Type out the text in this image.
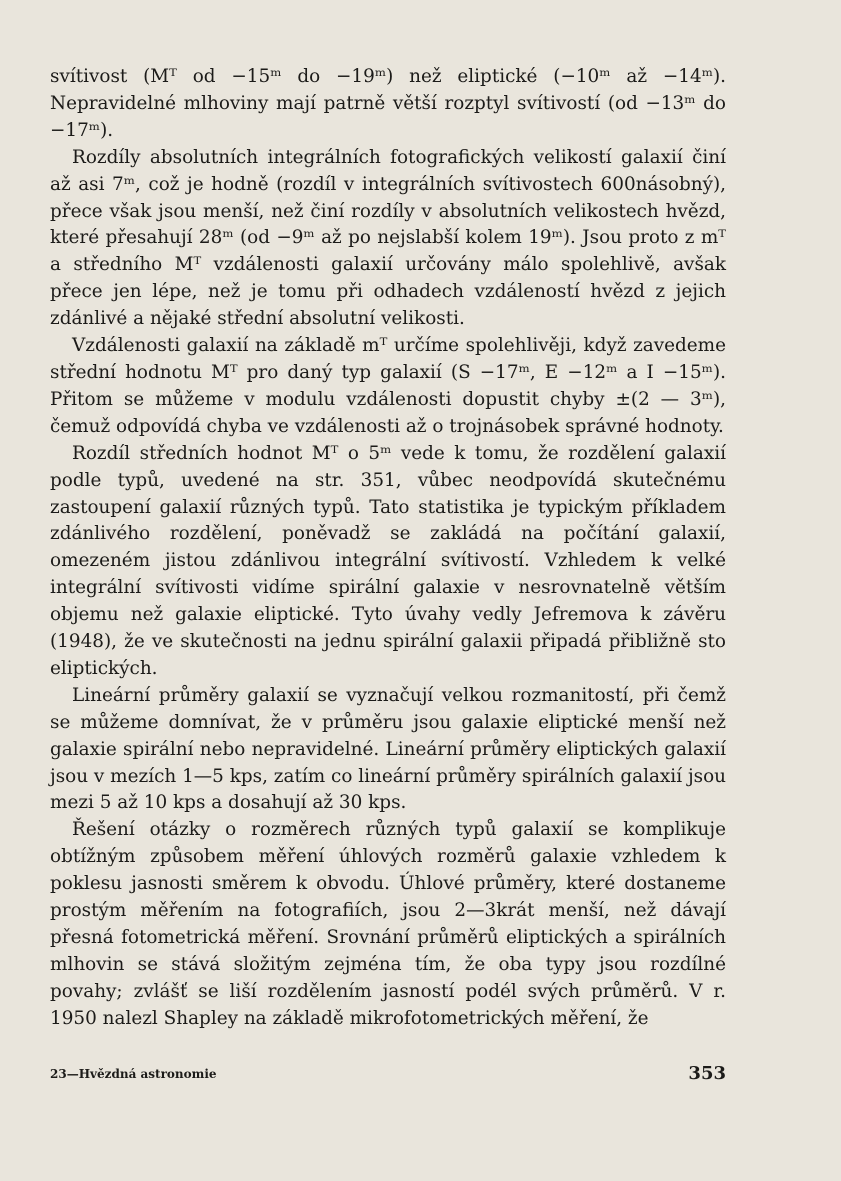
svítivost (Mᵀ od −15ᵐ do −19ᵐ) než eliptické (−10ᵐ až −14ᵐ). Nepravidelné mlhoviny mají patrně větší rozptyl svítivostí (od −13ᵐ do −17ᵐ).

Rozdíly absolutních integrálních fotografických velikostí galaxií činí až asi 7ᵐ, což je hodně (rozdíl v integrálních svítivostech 600násobný), přece však jsou menší, než činí rozdíly v absolutních velikostech hvězd, které přesahují 28ᵐ (od −9ᵐ až po nejslabší kolem 19ᵐ). Jsou proto z mᵀ a středního Mᵀ vzdálenosti galaxií určovány málo spolehlivě, avšak přece jen lépe, než je tomu při odhadech vzdáleností hvězd z jejich zdánlivé a nějaké střední absolutní velikosti.

Vzdálenosti galaxií na základě mᵀ určíme spolehlivěji, když zavedeme střední hodnotu Mᵀ pro daný typ galaxií (S −17ᵐ, E −12ᵐ a I −15ᵐ). Přitom se můžeme v modulu vzdálenosti dopustit chyby ±(2 — 3ᵐ), čemuž odpovídá chyba ve vzdálenosti až o trojnásobek správné hodnoty.

Rozdíl středních hodnot Mᵀ o 5ᵐ vede k tomu, že rozdělení galaxií podle typů, uvedené na str. 351, vůbec neodpovídá skutečnému zastoupení galaxií různých typů. Tato statistika je typickým příkladem zdánlivého rozdělení, poněvadž se zakládá na počítání galaxií, omezeném jistou zdánlivou integrální svítivostí. Vzhledem k velké integrální svítivosti vidíme spirální galaxie v nesrovnatelně větším objemu než galaxie eliptické. Tyto úvahy vedly Jefremova k závěru (1948), že ve skutečnosti na jednu spirální galaxii připadá přibližně sto eliptických.

Lineární průměry galaxií se vyznačují velkou rozmanitostí, při čemž se můžeme domnívat, že v průměru jsou galaxie eliptické menší než galaxie spirální nebo nepravidelné. Lineární průměry eliptických galaxií jsou v mezích 1—5 kps, zatím co lineární průměry spirálních galaxií jsou mezi 5 až 10 kps a dosahují až 30 kps.

Řešení otázky o rozměrech různých typů galaxií se komplikuje obtížným způsobem měření úhlových rozměrů galaxie vzhledem k poklesu jasnosti směrem k obvodu. Úhlové průměry, které dostaneme prostým měřením na fotografiích, jsou 2—3krát menší, než dávají přesná fotometrická měření. Srovnání průměrů eliptických a spirálních mlhovin se stává složitým zejména tím, že oba typy jsou rozdílné povahy; zvlášť se liší rozdělením jasností podél svých průměrů. V r. 1950 nalezl Shapley na základě mikrofotometrických měření, že

23—Hvězdná astronomie	353
